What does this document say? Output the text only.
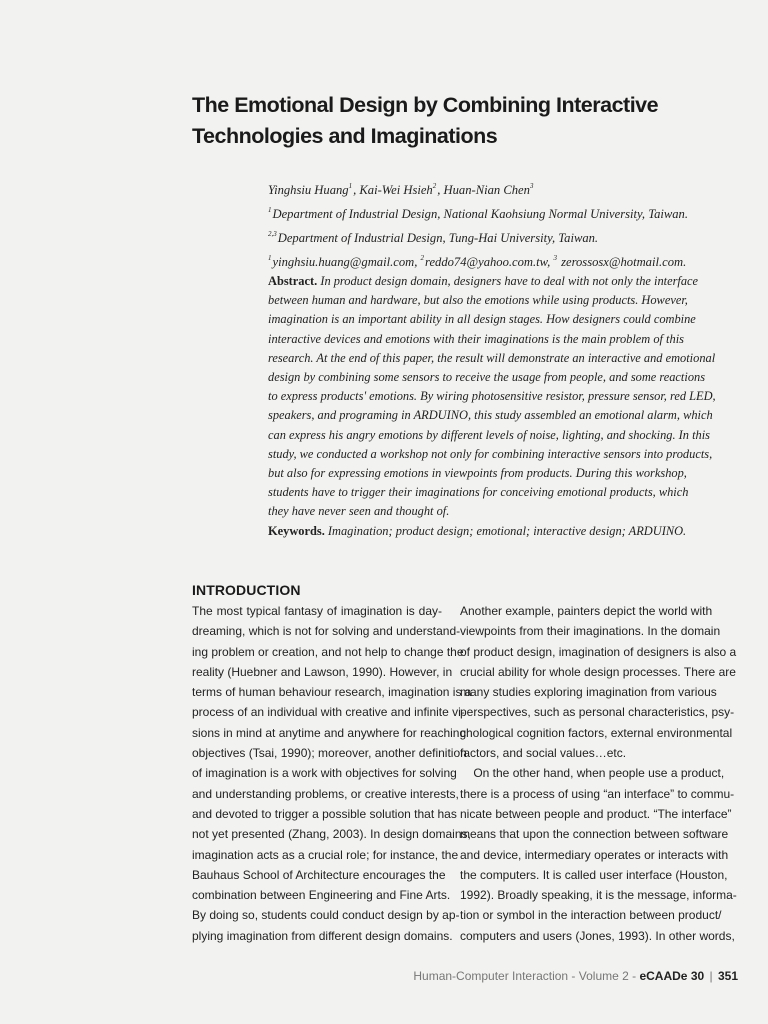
The Emotional Design by Combining Interactive
Technologies and Imaginations
Yinghsiu Huang$^1$, Kai-Wei Hsieh$^2$, Huan-Nian Chen$^3$
$^1$Department of Industrial Design, National Kaohsiung Normal University, Taiwan.
$^{2,3}$Department of Industrial Design, Tung-Hai University, Taiwan.
$^1$yinghsiu.huang@gmail.com, $^2$reddo74@yahoo.com.tw, $^3$ zerossosx@hotmail.com.
Abstract. In product design domain, designers have to deal with not only the interface
between human and hardware, but also the emotions while using products. However,
imagination is an important ability in all design stages. How designers could combine
interactive devices and emotions with their imaginations is the main problem of this
research. At the end of this paper, the result will demonstrate an interactive and emotional
design by combining some sensors to receive the usage from people, and some reactions
to express products' emotions. By wiring photosensitive resistor, pressure sensor, red LED,
speakers, and programing in ARDUINO, this study assembled an emotional alarm, which
can express his angry emotions by different levels of noise, lighting, and shocking. In this
study, we conducted a workshop not only for combining interactive sensors into products,
but also for expressing emotions in viewpoints from products. During this workshop,
students have to trigger their imaginations for conceiving emotional products, which
they have never seen and thought of.
Keywords. Imagination; product design; emotional; interactive design; ARDUINO.
INTRODUCTION
The most typical fantasy of imagination is day-
dreaming, which is not for solving and understand-
ing problem or creation, and not help to change the
reality (Huebner and Lawson, 1990). However, in
terms of human behaviour research, imagination is a
process of an individual with creative and infinite vi-
sions in mind at anytime and anywhere for reaching
objectives (Tsai, 1990); moreover, another definition
of imagination is a work with objectives for solving
and understanding problems, or creative interests,
and devoted to trigger a possible solution that has
not yet presented (Zhang, 2003). In design domains,
imagination acts as a crucial role; for instance, the
Bauhaus School of Architecture encourages the
combination between Engineering and Fine Arts.
By doing so, students could conduct design by ap-
plying imagination from different design domains.
Another example, painters depict the world with
viewpoints from their imaginations. In the domain
of product design, imagination of designers is also a
crucial ability for whole design processes. There are
many studies exploring imagination from various
perspectives, such as personal characteristics, psy-
chological cognition factors, external environmental
factors, and social values…etc.
On the other hand, when people use a product,
there is a process of using “an interface” to commu-
nicate between people and product. “The interface”
means that upon the connection between software
and device, intermediary operates or interacts with
the computers. It is called user interface (Houston,
1992). Broadly speaking, it is the message, informa-
tion or symbol in the interaction between product/
computers and users (Jones, 1993). In other words,
Human-Computer Interaction - Volume 2 - eCAADe 30 | 351
